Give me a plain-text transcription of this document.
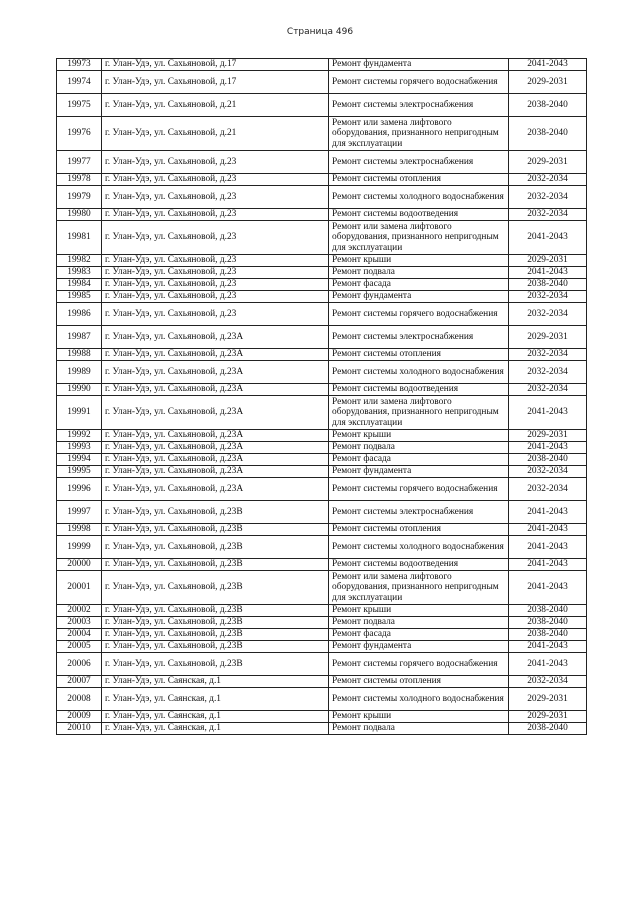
Страница 496
19973	г. Улан-Удэ, ул. Сахьяновой, д.17	Ремонт фундамента	2041-2043
19974	г. Улан-Удэ, ул. Сахьяновой, д.17	Ремонт системы горячего водоснабжения	2029-2031
19975	г. Улан-Удэ, ул. Сахьяновой, д.21	Ремонт системы электроснабжения	2038-2040
19976	г. Улан-Удэ, ул. Сахьяновой, д.21	Ремонт или замена лифтового оборудования, признанного непригодным для эксплуатации	2038-2040
19977	г. Улан-Удэ, ул. Сахьяновой, д.23	Ремонт системы электроснабжения	2029-2031
19978	г. Улан-Удэ, ул. Сахьяновой, д.23	Ремонт системы отопления	2032-2034
19979	г. Улан-Удэ, ул. Сахьяновой, д.23	Ремонт системы холодного водоснабжения	2032-2034
19980	г. Улан-Удэ, ул. Сахьяновой, д.23	Ремонт системы водоотведения	2032-2034
19981	г. Улан-Удэ, ул. Сахьяновой, д.23	Ремонт или замена лифтового оборудования, признанного непригодным для эксплуатации	2041-2043
19982	г. Улан-Удэ, ул. Сахьяновой, д.23	Ремонт крыши	2029-2031
19983	г. Улан-Удэ, ул. Сахьяновой, д.23	Ремонт подвала	2041-2043
19984	г. Улан-Удэ, ул. Сахьяновой, д.23	Ремонт фасада	2038-2040
19985	г. Улан-Удэ, ул. Сахьяновой, д.23	Ремонт фундамента	2032-2034
19986	г. Улан-Удэ, ул. Сахьяновой, д.23	Ремонт системы горячего водоснабжения	2032-2034
19987	г. Улан-Удэ, ул. Сахьяновой, д.23А	Ремонт системы электроснабжения	2029-2031
19988	г. Улан-Удэ, ул. Сахьяновой, д.23А	Ремонт системы отопления	2032-2034
19989	г. Улан-Удэ, ул. Сахьяновой, д.23А	Ремонт системы холодного водоснабжения	2032-2034
19990	г. Улан-Удэ, ул. Сахьяновой, д.23А	Ремонт системы водоотведения	2032-2034
19991	г. Улан-Удэ, ул. Сахьяновой, д.23А	Ремонт или замена лифтового оборудования, признанного непригодным для эксплуатации	2041-2043
19992	г. Улан-Удэ, ул. Сахьяновой, д.23А	Ремонт крыши	2029-2031
19993	г. Улан-Удэ, ул. Сахьяновой, д.23А	Ремонт подвала	2041-2043
19994	г. Улан-Удэ, ул. Сахьяновой, д.23А	Ремонт фасада	2038-2040
19995	г. Улан-Удэ, ул. Сахьяновой, д.23А	Ремонт фундамента	2032-2034
19996	г. Улан-Удэ, ул. Сахьяновой, д.23А	Ремонт системы горячего водоснабжения	2032-2034
19997	г. Улан-Удэ, ул. Сахьяновой, д.23В	Ремонт системы электроснабжения	2041-2043
19998	г. Улан-Удэ, ул. Сахьяновой, д.23В	Ремонт системы отопления	2041-2043
19999	г. Улан-Удэ, ул. Сахьяновой, д.23В	Ремонт системы холодного водоснабжения	2041-2043
20000	г. Улан-Удэ, ул. Сахьяновой, д.23В	Ремонт системы водоотведения	2041-2043
20001	г. Улан-Удэ, ул. Сахьяновой, д.23В	Ремонт или замена лифтового оборудования, признанного непригодным для эксплуатации	2041-2043
20002	г. Улан-Удэ, ул. Сахьяновой, д.23В	Ремонт крыши	2038-2040
20003	г. Улан-Удэ, ул. Сахьяновой, д.23В	Ремонт подвала	2038-2040
20004	г. Улан-Удэ, ул. Сахьяновой, д.23В	Ремонт фасада	2038-2040
20005	г. Улан-Удэ, ул. Сахьяновой, д.23В	Ремонт фундамента	2041-2043
20006	г. Улан-Удэ, ул. Сахьяновой, д.23В	Ремонт системы горячего водоснабжения	2041-2043
20007	г. Улан-Удэ, ул. Саянская, д.1	Ремонт системы отопления	2032-2034
20008	г. Улан-Удэ, ул. Саянская, д.1	Ремонт системы холодного водоснабжения	2029-2031
20009	г. Улан-Удэ, ул. Саянская, д.1	Ремонт крыши	2029-2031
20010	г. Улан-Удэ, ул. Саянская, д.1	Ремонт подвала	2038-2040
